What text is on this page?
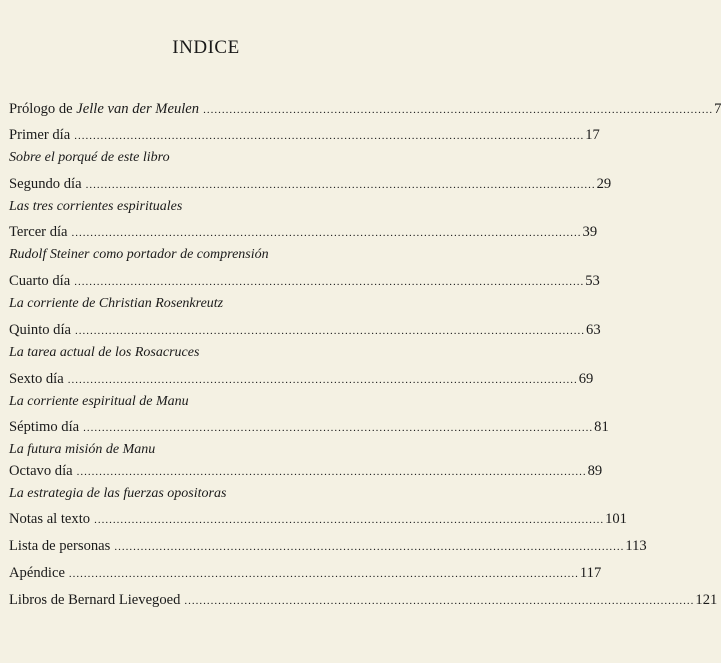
INDICE
Prólogo de Jelle van der Meulen ........................................................................................................................................ 7
Primer día ........................................................................................................................................ 17
Sobre el porqué de este libro
Segundo día ........................................................................................................................................ 29
Las tres corrientes espirituales
Tercer día ........................................................................................................................................ 39
Rudolf Steiner como portador de comprensión
Cuarto día ........................................................................................................................................ 53
La corriente de Christian Rosenkreutz
Quinto día ........................................................................................................................................ 63
La tarea actual de los Rosacruces
Sexto día ........................................................................................................................................ 69
La corriente espiritual de Manu
Séptimo día ........................................................................................................................................ 81
La futura misión de Manu
Octavo día ........................................................................................................................................ 89
La estrategia de las fuerzas opositoras
Notas al texto ........................................................................................................................................ 101
Lista de personas ........................................................................................................................................ 113
Apéndice ........................................................................................................................................ 117
Libros de Bernard Lievegoed ........................................................................................................................................ 121
